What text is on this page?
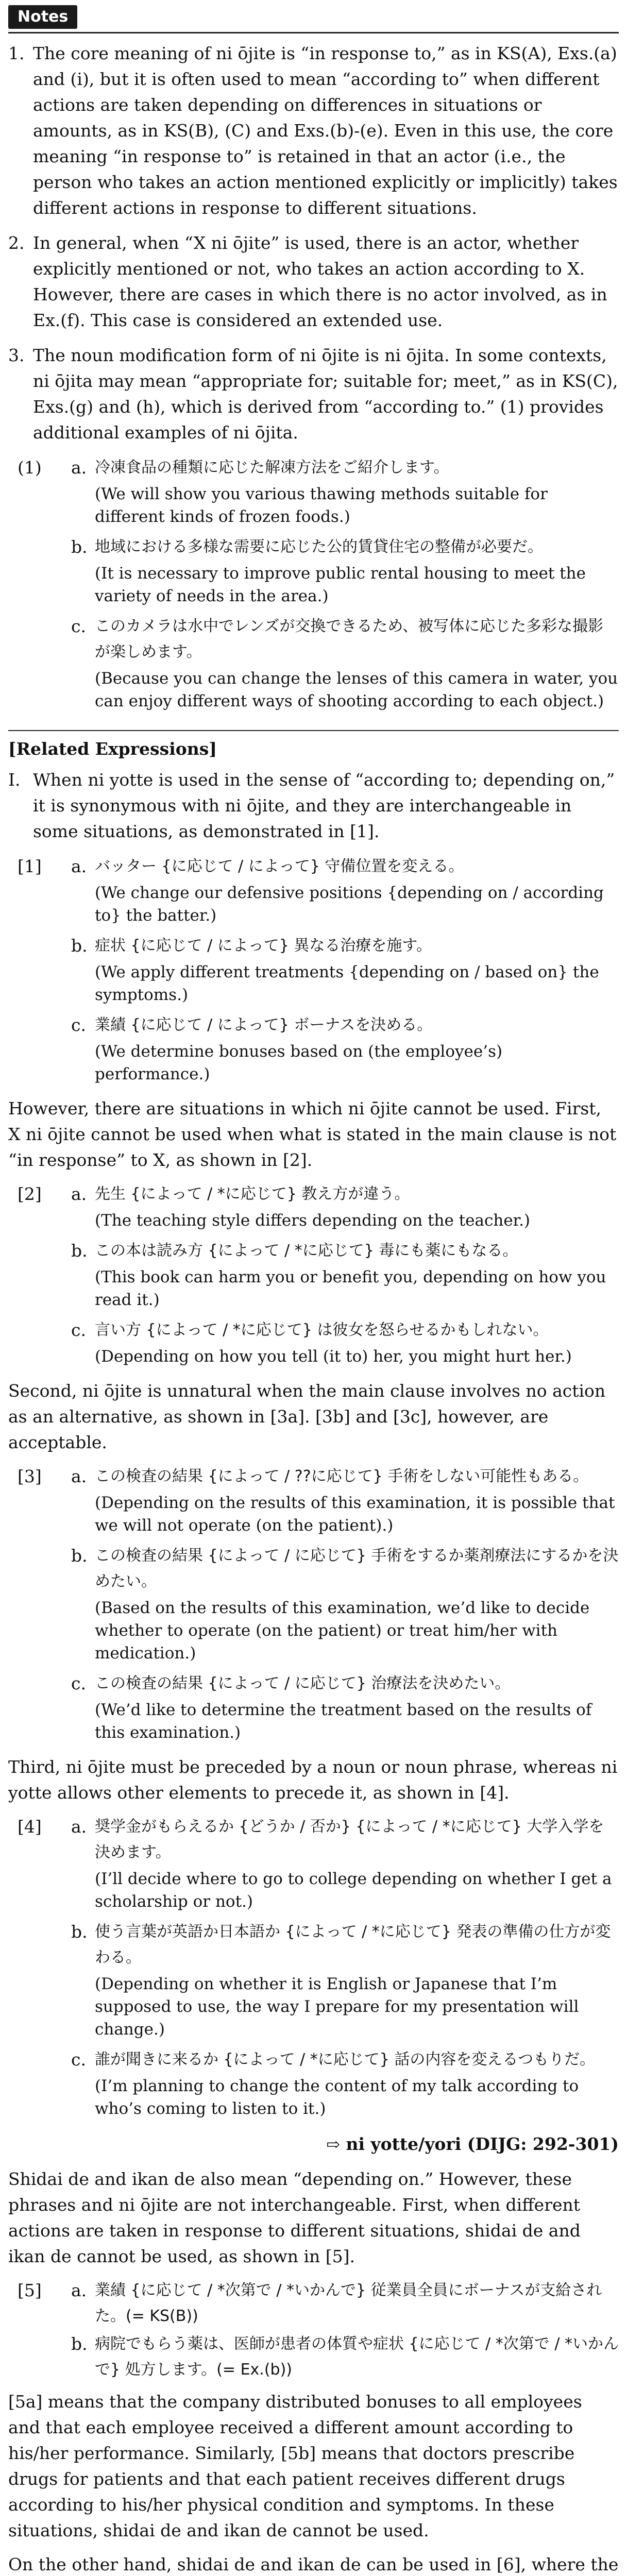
Notes
1. The core meaning of ni ōjite is “in response to,” as in KS(A), Exs.(a) and (i), but it is often used to mean “according to” when different actions are taken depending on differences in situations or amounts, as in KS(B), (C) and Exs.(b)-(e). Even in this use, the core meaning “in response to” is retained in that an actor (i.e., the person who takes an action mentioned explicitly or implicitly) takes different actions in response to different situations.
2. In general, when “X ni ōjite” is used, there is an actor, whether explicitly mentioned or not, who takes an action according to X. However, there are cases in which there is no actor involved, as in Ex.(f). This case is considered an extended use.
3. The noun modification form of ni ōjite is ni ōjita. In some contexts, ni ōjita may mean “appropriate for; suitable for; meet,” as in KS(C), Exs.(g) and (h), which is derived from “according to.” (1) provides additional examples of ni ōjita.
(1)	a. 冷凍食品の種類に応じた解凍方法をご紹介します。
(We will show you various thawing methods suitable for different kinds of frozen foods.)
b. 地域における多様な需要に応じた公的賃貸住宅の整備が必要だ。
(It is necessary to improve public rental housing to meet the variety of needs in the area.)
c. このカメラは水中でレンズが交換できるため、被写体に応じた多彩な撮影が楽しめます。
(Because you can change the lenses of this camera in water, you can enjoy different ways of shooting according to each object.)
[Related Expressions]
I. When ni yotte is used in the sense of “according to; depending on,” it is synonymous with ni ōjite, and they are interchangeable in some situations, as demonstrated in [1].
[1]	a. バッター {に応じて / によって} 守備位置を変える。
(We change our defensive positions {depending on / according to} the batter.)
b. 症状 {に応じて / によって} 異なる治療を施す。
(We apply different treatments {depending on / based on} the symptoms.)
c. 業績 {に応じて / によって} ボーナスを決める。
(We determine bonuses based on (the employee’s) performance.)
However, there are situations in which ni ōjite cannot be used. First, X ni ōjite cannot be used when what is stated in the main clause is not “in response” to X, as shown in [2].
[2]	a. 先生 {によって / *に応じて} 教え方が違う。
(The teaching style differs depending on the teacher.)
b. この本は読み方 {によって / *に応じて} 毒にも薬にもなる。
(This book can harm you or benefit you, depending on how you read it.)
c. 言い方 {によって / *に応じて} は彼女を怒らせるかもしれない。
(Depending on how you tell (it to) her, you might hurt her.)
Second, ni ōjite is unnatural when the main clause involves no action as an alternative, as shown in [3a]. [3b] and [3c], however, are acceptable.
[3]	a. この検査の結果 {によって / ??に応じて} 手術をしない可能性もある。
(Depending on the results of this examination, it is possible that we will not operate (on the patient).)
b. この検査の結果 {によって / に応じて} 手術をするか薬剤療法にするかを決めたい。
(Based on the results of this examination, we’d like to decide whether to operate (on the patient) or treat him/her with medication.)
c. この検査の結果 {によって / に応じて} 治療法を決めたい。
(We’d like to determine the treatment based on the results of this examination.)
Third, ni ōjite must be preceded by a noun or noun phrase, whereas ni yotte allows other elements to precede it, as shown in [4].
[4]	a. 奨学金がもらえるか {どうか / 否か} {によって / *に応じて} 大学入学を決めます。
(I’ll decide where to go to college depending on whether I get a scholarship or not.)
b. 使う言葉が英語か日本語か {によって / *に応じて} 発表の準備の仕方が変わる。
(Depending on whether it is English or Japanese that I’m supposed to use, the way I prepare for my presentation will change.)
c. 誰が聞きに来るか {によって / *に応じて} 話の内容を変えるつもりだ。
(I’m planning to change the content of my talk according to who’s coming to listen to it.)
⇨ ni yotte/yori (DIJG: 292-301)
Shidai de and ikan de also mean “depending on.” However, these phrases and ni ōjite are not interchangeable. First, when different actions are taken in response to different situations, shidai de and ikan de cannot be used, as shown in [5].
[5]	a. 業績 {に応じて / *次第で / *いかんで} 従業員全員にボーナスが支給された。(= KS(B))
b. 病院でもらう薬は、医師が患者の体質や症状 {に応じて / *次第で / *いかんで} 処方します。(= Ex.(b))
[5a] means that the company distributed bonuses to all employees and that each employee received a different amount according to his/her performance. Similarly, [5b] means that doctors prescribe drugs for patients and that each patient receives different drugs according to his/her physical condition and symptoms. In these situations, shidai de and ikan de cannot be used.
On the other hand, shidai de and ikan de can be used in [6], where the
